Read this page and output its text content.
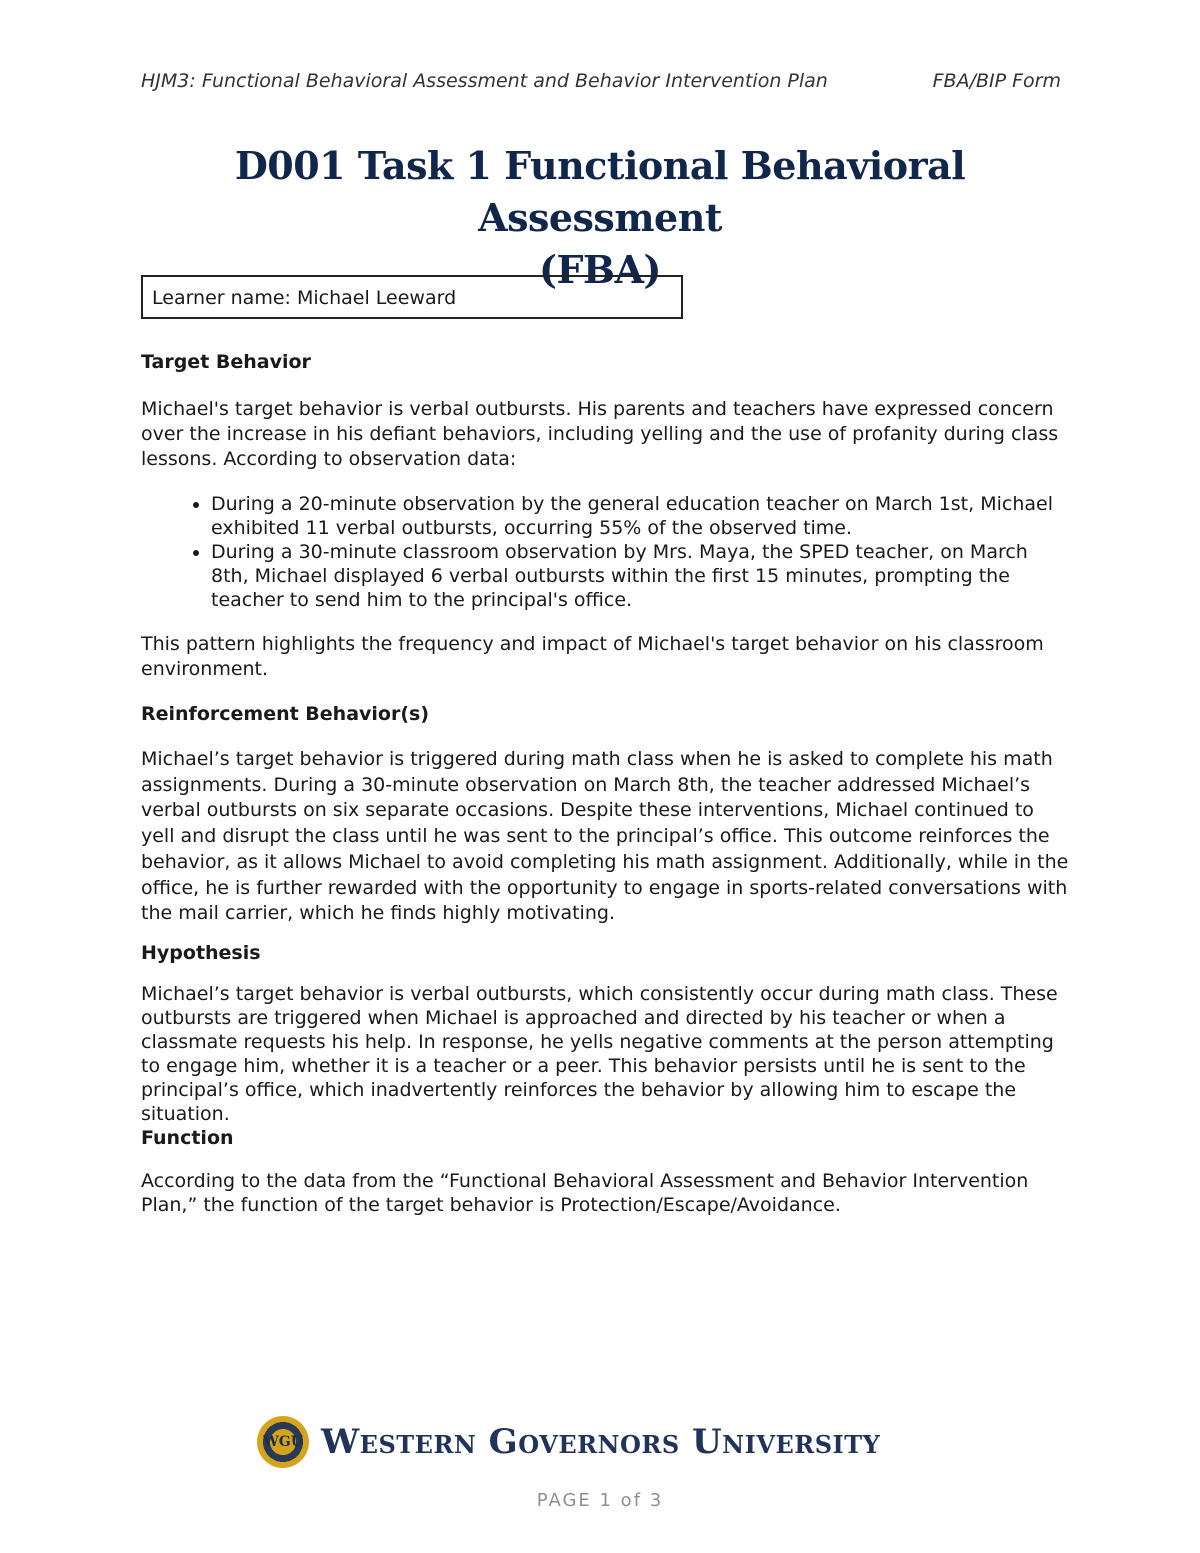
HJM3: Functional Behavioral Assessment and Behavior Intervention Plan	FBA/BIP Form
D001 Task 1 Functional Behavioral Assessment
(FBA)
Learner name: Michael Leeward
Target Behavior

Michael's target behavior is verbal outbursts. His parents and teachers have expressed concern over the increase in his defiant behaviors, including yelling and the use of profanity during class lessons. According to observation data:

• During a 20-minute observation by the general education teacher on March 1st, Michael exhibited 11 verbal outbursts, occurring 55% of the observed time.
• During a 30-minute classroom observation by Mrs. Maya, the SPED teacher, on March 8th, Michael displayed 6 verbal outbursts within the first 15 minutes, prompting the teacher to send him to the principal's office.

This pattern highlights the frequency and impact of Michael's target behavior on his classroom environment.

Reinforcement Behavior(s)

Michael’s target behavior is triggered during math class when he is asked to complete his math assignments. During a 30-minute observation on March 8th, the teacher addressed Michael’s verbal outbursts on six separate occasions. Despite these interventions, Michael continued to yell and disrupt the class until he was sent to the principal’s office. This outcome reinforces the behavior, as it allows Michael to avoid completing his math assignment. Additionally, while in the office, he is further rewarded with the opportunity to engage in sports-related conversations with the mail carrier, which he finds highly motivating.

Hypothesis

Michael’s target behavior is verbal outbursts, which consistently occur during math class. These outbursts are triggered when Michael is approached and directed by his teacher or when a classmate requests his help. In response, he yells negative comments at the person attempting to engage him, whether it is a teacher or a peer. This behavior persists until he is sent to the principal’s office, which inadvertently reinforces the behavior by allowing him to escape the situation.

Function

According to the data from the “Functional Behavioral Assessment and Behavior Intervention Plan,” the function of the target behavior is Protection/Escape/Avoidance.

WGU Western Governors University
PAGE 1 of 3
